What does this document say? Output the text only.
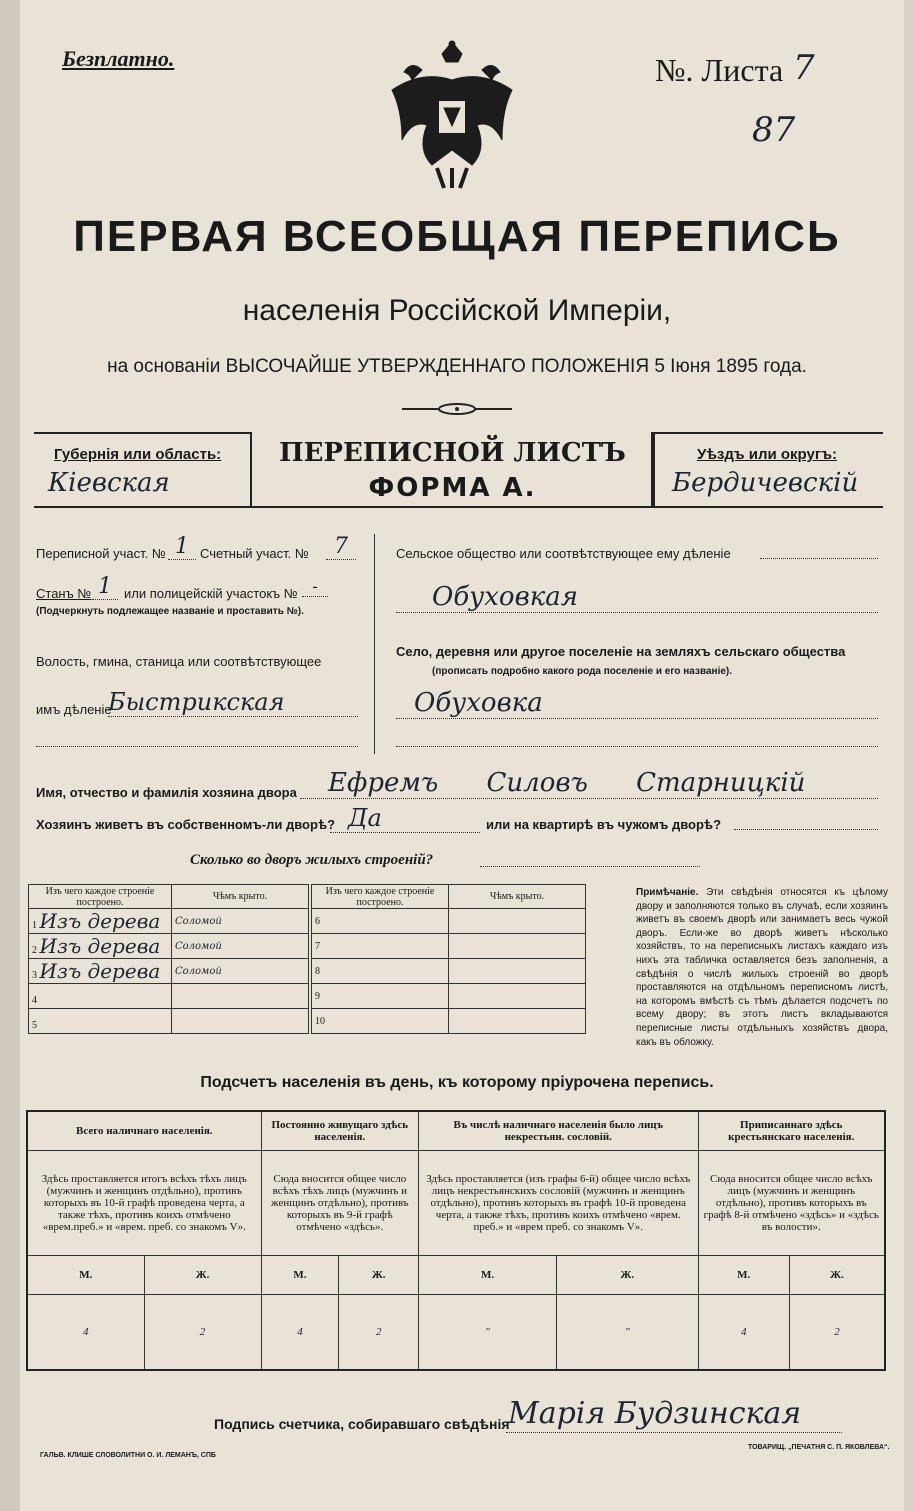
Безплатно.	№. Листа 7
87
ПЕРВАЯ ВСЕОБЩАЯ ПЕРЕПИСЬ
населенія Россійской Имперіи,
на основаніи ВЫСОЧАЙШЕ УТВЕРЖДЕННАГО ПОЛОЖЕНІЯ 5 Іюня 1895 года.
Губернія или область:	Уѣздъ или округъ:
ПЕРЕПИСНОЙ ЛИСТЪ
ФОРМА А.
Кіевская	Бердичевскій
Переписной участ. № 1 Счетный участ. №	7
Станъ № 1 или полицейскій участокъ № -
(Подчеркнуть подлежащее названіе и проставить №).
Волость, гмина, станица или соотвѣтствующее
имъ дѣленіе
Быстрикская
Сельское общество или соотвѣтствующее ему дѣленіе
Обуховкая
Село, деревня или другое поселеніе на земляхъ сельскаго общества
(прописать подробно какого рода поселеніе и его названіе).
Обуховка
Имя, отчество и фамилія хозяина двора	Ефремъ Силовъ Старницкій
Хозяинъ живетъ въ собственномъ-ли дворѣ? Да	или на квартирѣ въ чужомъ дворѣ?
Сколько во дворъ жилыхъ строеній?
Изъ чего каждое строеніе построено.	Чѣмъ крыто.		Изъ чего каждое строеніе построено.	Чѣмъ крыто.
1 Изъ дерева	Соломой		6	
2 Изъ дерева	Соломой		7	
3 Изъ дерева	Соломой		8	
4			9	
5			10	
Примѣчаніе. Эти свѣдѣнія относятся къ цѣлому двору и заполняются только въ случаѣ, если хозяинъ живетъ въ своемъ дворѣ или занимаетъ весь чужой дворъ. Если-же во дворѣ живетъ нѣсколько хозяйствъ, то на переписныхъ листахъ каждаго изъ нихъ эта табличка оставляется безъ заполненія, а свѣдѣнія о числѣ жилыхъ строеній во дворѣ проставляются на отдѣльномъ переписномъ листѣ, на которомъ вмѣстѣ съ тѣмъ дѣлается подсчетъ по всему двору; въ этотъ листъ вкладываются переписные листы отдѣльныхъ хозяйствъ двора, какъ въ обложку.
Подсчетъ населенія въ день, къ которому пріурочена перепись.
Всего наличнаго населенія.		Постоянно живущаго здѣсь населенія.		Въ числѣ наличнаго населенія было лицъ некрестьян. сословій.		Приписаннаго здѣсь крестьянскаго населенія.	
Здѣсь проставляется итогъ всѣхъ тѣхъ лицъ (мужчинъ и женщинъ отдѣльно), противъ которыхъ въ 10-й графѣ проведена черта, а также тѣхъ, противъ коихъ отмѣчено «врем.преб.» и «врем. преб. со знакомъ V».		Сюда вносится общее число всѣхъ тѣхъ лицъ (мужчинъ и женщинъ отдѣльно), противъ которыхъ въ 9-й графѣ отмѣчено «здѣсь».		Здѣсь проставляется (изъ графы 6-й) общее число всѣхъ лицъ некрестьянскихъ сословій (мужчинъ и женщинъ отдѣльно), противъ которыхъ въ графѣ 10-й проведена черта, а также тѣхъ, противъ коихъ отмѣчено «врем. преб.» и «врем преб. со знакомъ V».		Сюда вносится общее число всѣхъ лицъ (мужчинъ и женщинъ отдѣльно), противъ которыхъ въ графѣ 8-й отмѣчено «здѣсь» и «здѣсь въ волости».	
М.	Ж.	М.	Ж.	М.	Ж.	М.	Ж.
4	2	4	2	"	"	4	2
Подпись счетчика, собиравшаго свѣдѣнія
Марія Будзинская
ГАЛЬВ. КЛИШЕ СЛОВОЛИТНИ О. И. ЛЕМАНЪ, СПБ
ТОВАРИЩ. „ПЕЧАТНЯ С. П. ЯКОВЛЕВА“.
